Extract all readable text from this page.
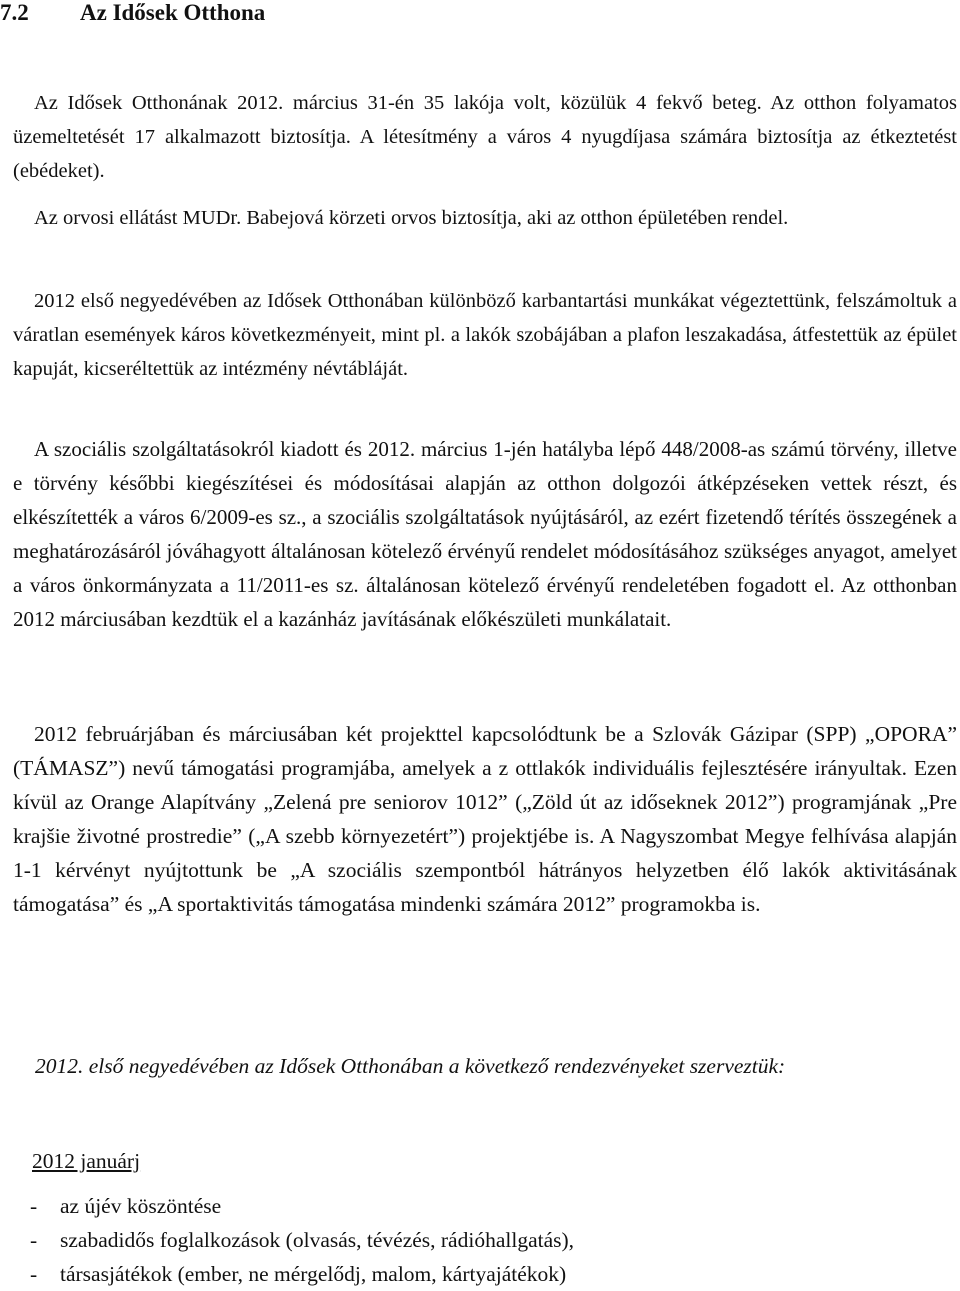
7.2 Az Idősek Otthona

Az Idősek Otthonának 2012. március 31-én 35 lakója volt, közülük 4 fekvő beteg. Az otthon folyamatos üzemeltetését 17 alkalmazott biztosítja. A létesítmény a város 4 nyugdíjasa számára biztosítja az étkeztetést (ebédeket).

Az orvosi ellátást MUDr. Babejová körzeti orvos biztosítja, aki az otthon épületében rendel.

2012 első negyedévében az Idősek Otthonában különböző karbantartási munkákat végeztettünk, felszámoltuk a váratlan események káros következményeit, mint pl. a lakók szobájában a plafon leszakadása, átfestettük az épület kapuját, kicseréltettük az intézmény névtábláját.

A szociális szolgáltatásokról kiadott és 2012. március 1-jén hatályba lépő 448/2008-as számú törvény, illetve e törvény későbbi kiegészítései és módosításai alapján az otthon dolgozói átképzéseken vettek részt, és elkészítették a város 6/2009-es sz., a szociális szolgáltatások nyújtásáról, az ezért fizetendő térítés összegének a meghatározásáról jóváhagyott általánosan kötelező érvényű rendelet módosításához szükséges anyagot, amelyet a város önkormányzata a 11/2011-es sz. általánosan kötelező érvényű rendeletében fogadott el. Az otthonban 2012 márciusában kezdtük el a kazánház javításának előkészületi munkálatait.

2012 februárjában és márciusában két projekttel kapcsolódtunk be a Szlovák Gázipar (SPP) „OPORA” (TÁMASZ”) nevű támogatási programjába, amelyek a z ottlakók individuális fejlesztésére irányultak. Ezen kívül az Orange Alapítvány „Zelená pre seniorov 1012” („Zöld út az időseknek 2012”) programjának „Pre krajšie životné prostredie” („A szebb környezetért”) projektjébe is. A Nagyszombat Megye felhívása alapján 1-1 kérvényt nyújtottunk be „A szociális szempontból hátrányos helyzetben élő lakók aktivitásának támogatása” és „A sportaktivitás támogatása mindenki számára 2012” programokba is.

2012. első negyedévében az Idősek Otthonában a következő rendezvényeket szerveztük:
2012 januárj
- az újév köszöntése
- szabadidős foglalkozások (olvasás, tévézés, rádióhallgatás),
- társasjátékok (ember, ne mérgelődj, malom, kártyajátékok)
